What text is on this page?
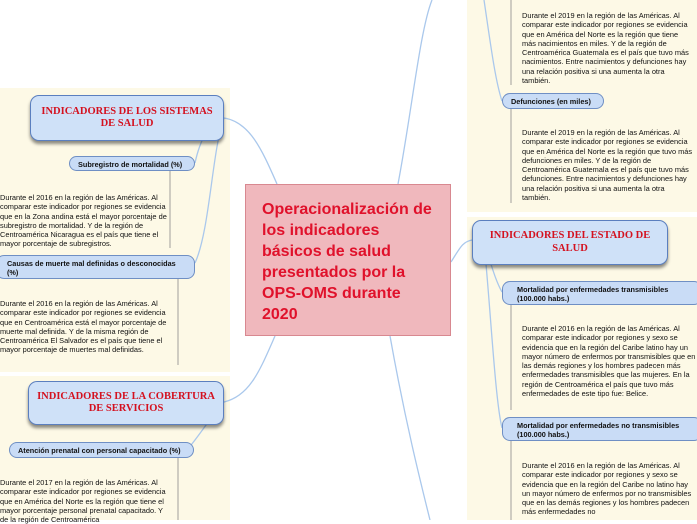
Operacionalización de los indicadores básicos de salud presentados por la OPS-OMS durante 2020
INDICADORES DE LOS SISTEMAS DE SALUD
Subregistro de mortalidad (%)
Durante el 2016 en la región de las Américas. Al comparar este indicador por regiones se evidencia que en la Zona andina está el mayor porcentaje de subregistro de mortalidad. Y de la región de Centroamérica Nicaragua es el país que tiene el mayor porcentaje de subregistros.
Causas de muerte mal definidas o desconocidas (%)
Durante el 2016 en la región de las Américas. Al comparar este indicador por regiones se evidencia que en Centroamérica está el mayor porcentaje de muerte mal definida. Y de la misma región de Centroamérica El Salvador es el país que tiene el mayor porcentaje de muertes mal definidas.
INDICADORES DE LA COBERTURA DE SERVICIOS
Atención prenatal con personal capacitado (%)
Durante el 2017 en la región de las Américas. Al comparar este indicador por regiones se evidencia que en América del Norte es la región que tiene el mayor porcentaje personal prenatal capacitado. Y de la región de Centroamérica
Durante el 2019 en la región de las Américas. Al comparar este indicador por regiones se evidencia que en América del Norte es la región que tiene más nacimientos en miles. Y de la región de Centroamérica Guatemala es el país que tuvo más nacimientos. Entre nacimientos y defunciones hay una relación positiva si una aumenta la otra también.
Defunciones (en miles)
Durante el 2019 en la región de las Américas. Al comparar este indicador por regiones se evidencia que en América del Norte es la región que tuvo más defunciones en miles. Y de la región de Centroamérica Guatemala es el país que tuvo más defunciones. Entre nacimientos y defunciones hay una relación positiva si una aumenta la otra también.
INDICADORES DEL ESTADO DE SALUD
Mortalidad por enfermedades transmisibles (100.000 habs.)
Durante el 2016 en la región de las Américas. Al comparar este indicador por regiones y sexo se evidencia que en la región del Caribe latino hay un mayor número de enfermos por transmisibles que en las demás regiones y los hombres padecen más enfermedades transmisibles que las mujeres. En la región de Centroamérica el país que tuvo más enfermedades de este tipo fue: Belice.
Mortalidad por enfermedades no transmisibles (100.000 habs.)
Durante el 2016 en la región de las Américas. Al comparar este indicador por regiones y sexo se evidencia que en la región del Caribe no latino hay un mayor número de enfermos por no transmisibles que en las demás regiones y los hombres padecen más enfermedades no
